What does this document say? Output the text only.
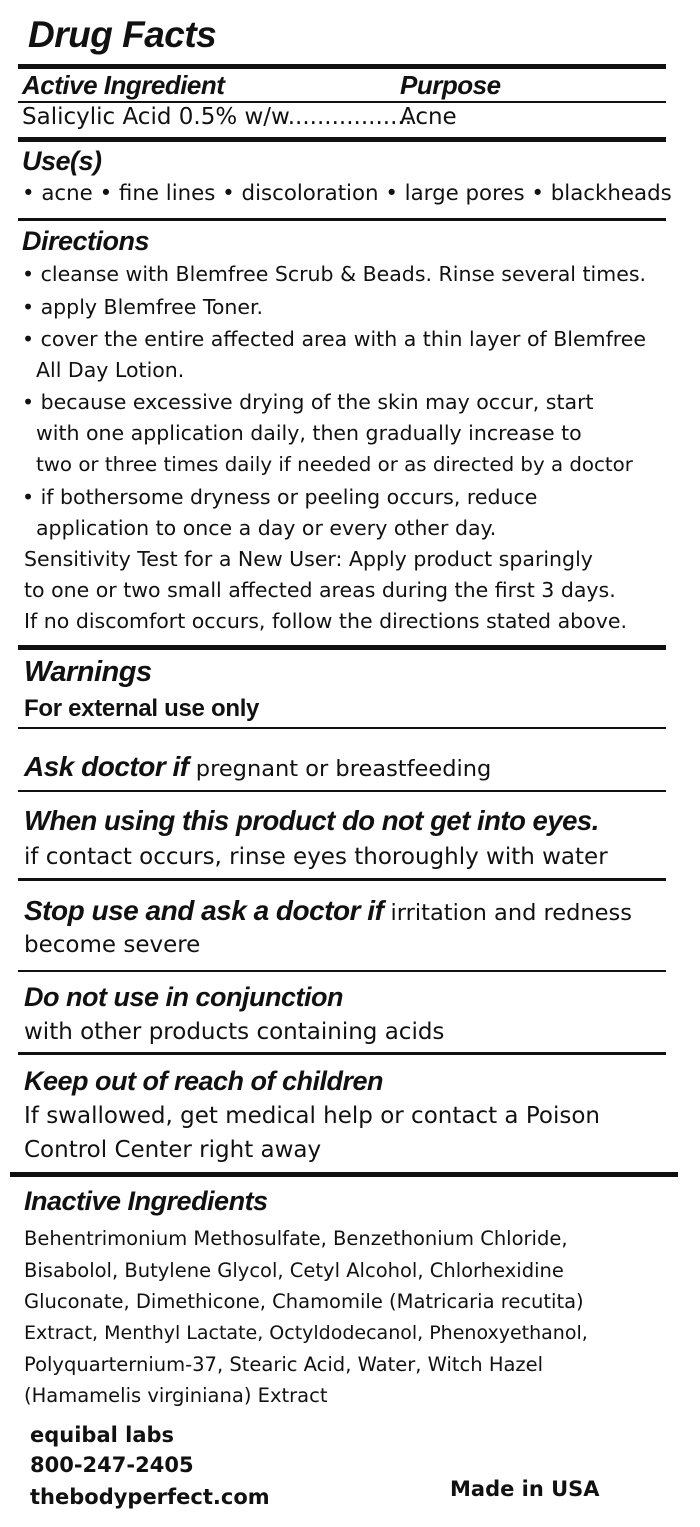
Drug Facts
Active Ingredient	Purpose
Salicylic Acid 0.5% w/w.................
Acne
Use(s)
• acne • fine lines • discoloration • large pores • blackheads
Directions
• cleanse with Blemfree Scrub & Beads. Rinse several times.
• apply Blemfree Toner.
• cover the entire affected area with a thin layer of Blemfree
All Day Lotion.
• because excessive drying of the skin may occur, start
with one application daily, then gradually increase to
two or three times daily if needed or as directed by a doctor
• if bothersome dryness or peeling occurs, reduce
application to once a day or every other day.
Sensitivity Test for a New User: Apply product sparingly
to one or two small affected areas during the first 3 days.
If no discomfort occurs, follow the directions stated above.
Warnings
For external use only
Ask doctor if pregnant or breastfeeding
When using this product do not get into eyes.
if contact occurs, rinse eyes thoroughly with water
Stop use and ask a doctor if irritation and redness
become severe
Do not use in conjunction
with other products containing acids
Keep out of reach of children
If swallowed, get medical help or contact a Poison
Control Center right away
Inactive Ingredients
Behentrimonium Methosulfate, Benzethonium Chloride,
Bisabolol, Butylene Glycol, Cetyl Alcohol, Chlorhexidine
Gluconate, Dimethicone, Chamomile (Matricaria recutita)
Extract, Menthyl Lactate, Octyldodecanol, Phenoxyethanol,
Polyquarternium-37, Stearic Acid, Water, Witch Hazel
(Hamamelis virginiana) Extract
equibal labs
800-247-2405
thebodyperfect.com	Made in USA
